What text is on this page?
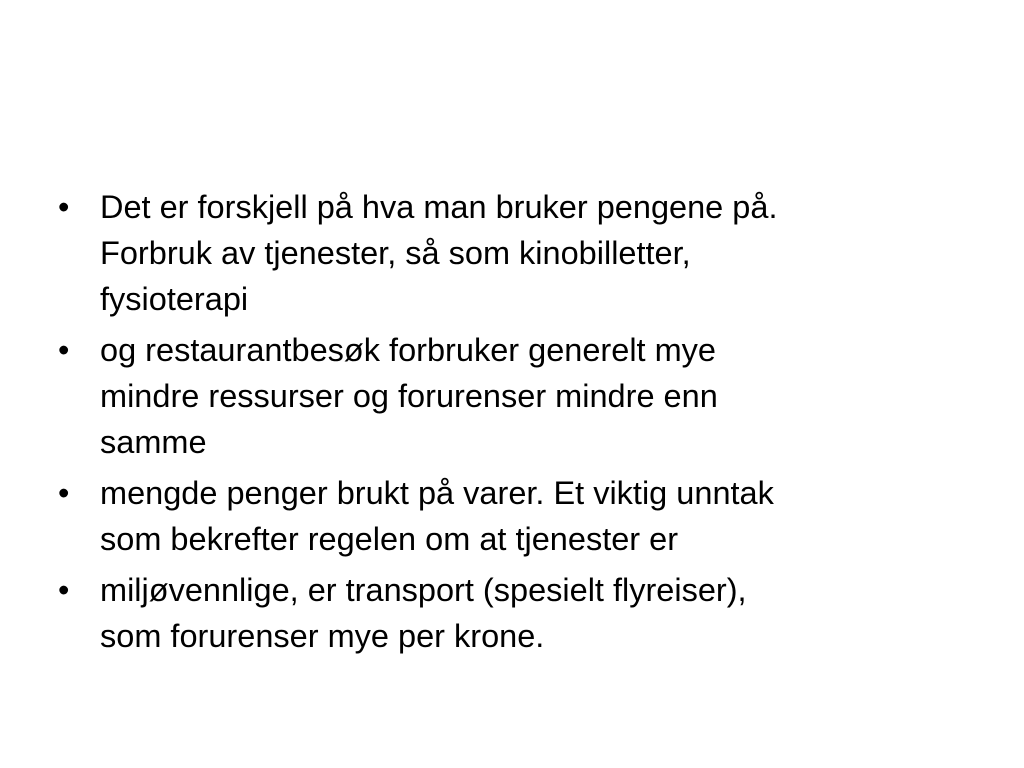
• Det er forskjell på hva man bruker pengene på.
Forbruk av tjenester, så som kinobilletter,
fysioterapi
• og restaurantbesøk forbruker generelt mye
mindre ressurser og forurenser mindre enn
samme
• mengde penger brukt på varer. Et viktig unntak
som bekrefter regelen om at tjenester er
• miljøvennlige, er transport (spesielt flyreiser),
som forurenser mye per krone.
